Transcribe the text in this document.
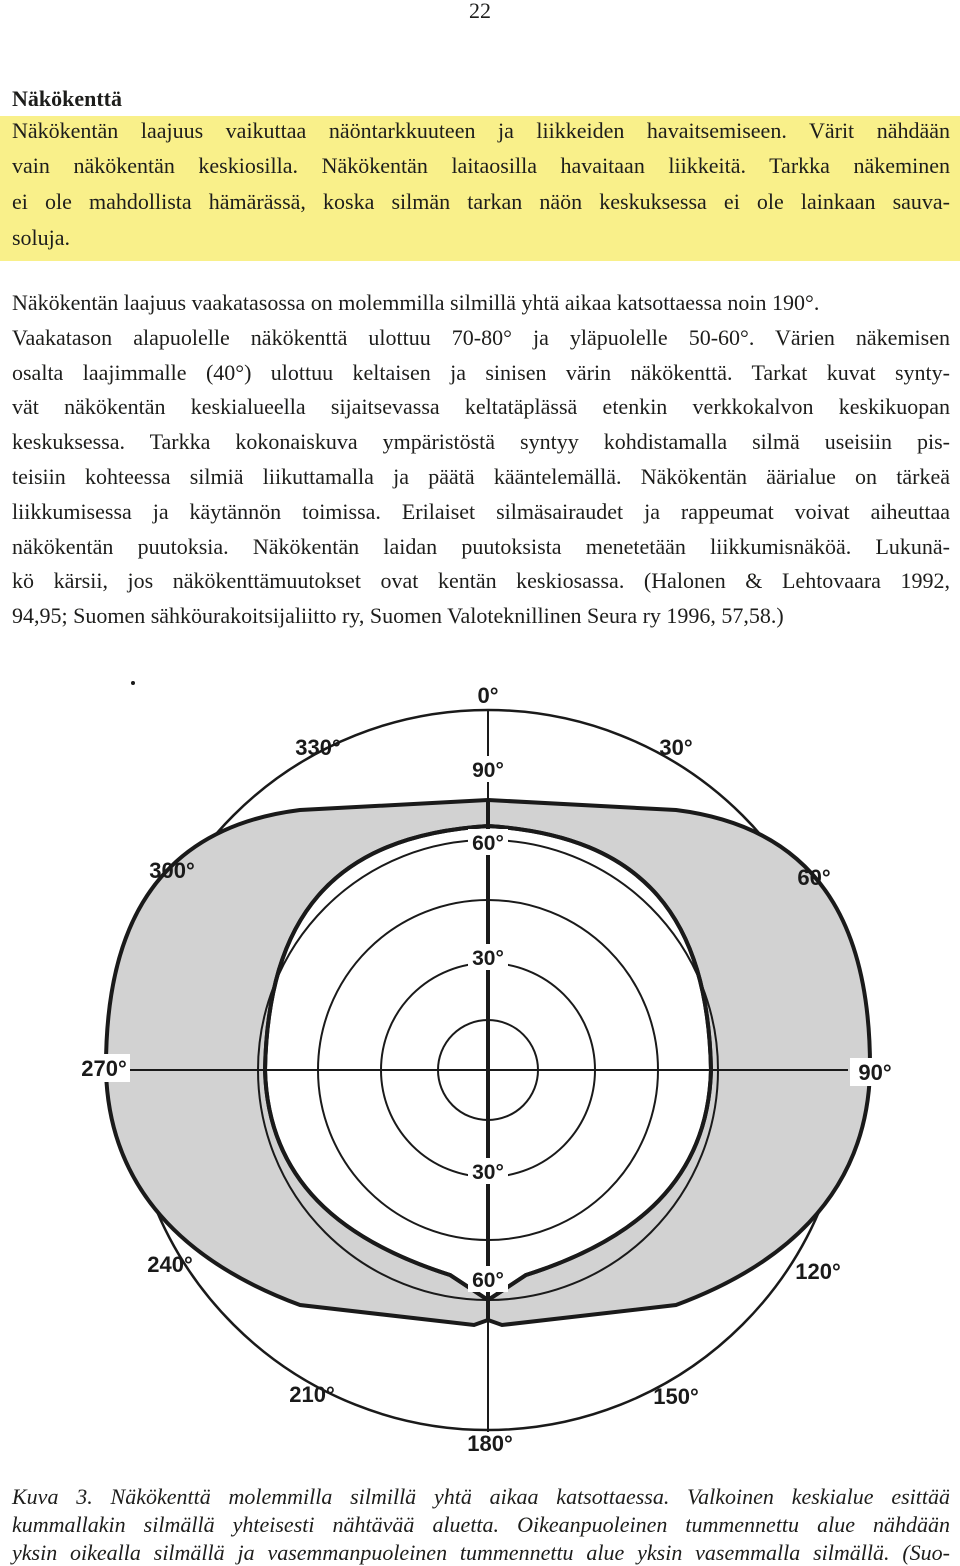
22
Näkökenttä
Näkökentän laajuus vaikuttaa näöntarkkuuteen ja liikkeiden havaitsemiseen. Värit nähdään
vain näkökentän keskiosilla. Näkökentän laitaosilla havaitaan liikkeitä. Tarkka näkeminen
ei ole mahdollista hämärässä, koska silmän tarkan näön keskuksessa ei ole lainkaan sauva-
soluja.
Näkökentän laajuus vaakatasossa on molemmilla silmillä yhtä aikaa katsottaessa noin 190°.
Vaakatason alapuolelle näkökenttä ulottuu 70-80° ja yläpuolelle 50-60°. Värien näkemisen
osalta laajimmalle (40°) ulottuu keltaisen ja sinisen värin näkökenttä. Tarkat kuvat synty-
vät näkökentän keskialueella sijaitsevassa keltatäplässä etenkin verkkokalvon keskikuopan
keskuksessa. Tarkka kokonaiskuva ympäristöstä syntyy kohdistamalla silmä useisiin pis-
teisiin kohteessa silmiä liikuttamalla ja päätä kääntelemällä. Näkökentän äärialue on tärkeä
liikkumisessa ja käytännön toimissa. Erilaiset silmäsairaudet ja rappeumat voivat aiheuttaa
näkökentän puutoksia. Näkökentän laidan puutoksista menetetään liikkumisnäköä. Lukunä-
kö kärsii, jos näkökenttämuutokset ovat kentän keskiosassa. (Halonen & Lehtovaara 1992,
94,95; Suomen sähköurakoitsijaliitto ry, Suomen Valoteknillinen Seura ry 1996, 57,58.)
90°
60°
30°
30°
60°
0°
330°	30°
300°	60°
270°	90°
240°	120°
210°	150°
180°
Kuva 3. Näkökenttä molemmilla silmillä yhtä aikaa katsottaessa. Valkoinen keskialue esittää
kummallakin silmällä yhteisesti nähtävää aluetta. Oikeanpuoleinen tummennettu alue nähdään
yksin oikealla silmällä ja vasemmanpuoleinen tummennettu alue yksin vasemmalla silmällä. (Suo-
